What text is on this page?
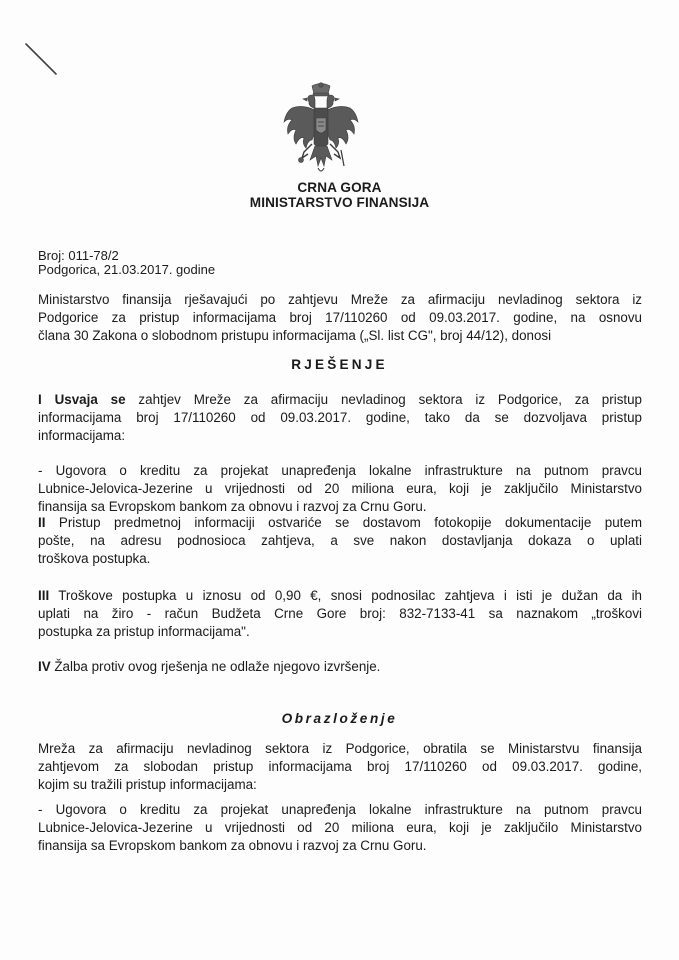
CRNA GORA
MINISTARSTVO FINANSIJA
Broj: 011-78/2
Podgorica, 21.03.2017. godine
Ministarstvo finansija rješavajući po zahtjevu Mreže za afirmaciju nevladinog sektora iz
Podgorice za pristup informacijama broj 17/110260 od 09.03.2017. godine, na osnovu
člana 30 Zakona o slobodnom pristupu informacijama („Sl. list CG", broj 44/12), donosi
RJEŠENJE
I Usvaja se zahtjev Mreže za afirmaciju nevladinog sektora iz Podgorice, za pristup
informacijama broj 17/110260 od 09.03.2017. godine, tako da se dozvoljava pristup
informacijama:
- Ugovora o kreditu za projekat unapređenja lokalne infrastrukture na putnom pravcu
Lubnice-Jelovica-Jezerine u vrijednosti od 20 miliona eura, koji je zaključilo Ministarstvo
finansija sa Evropskom bankom za obnovu i razvoj za Crnu Goru.
II Pristup predmetnoj informaciji ostvariće se dostavom fotokopije dokumentacije putem
pošte, na adresu podnosioca zahtjeva, a sve nakon dostavljanja dokaza o uplati
troškova postupka.
III Troškove postupka u iznosu od 0,90 €, snosi podnosilac zahtjeva i isti je dužan da ih
uplati na žiro - račun Budžeta Crne Gore broj: 832-7133-41 sa naznakom „troškovi
postupka za pristup informacijama".
IV Žalba protiv ovog rješenja ne odlaže njegovo izvršenje.
Obrazloženje
Mreža za afirmaciju nevladinog sektora iz Podgorice, obratila se Ministarstvu finansija
zahtjevom za slobodan pristup informacijama broj 17/110260 od 09.03.2017. godine,
kojim su tražili pristup informacijama:
- Ugovora o kreditu za projekat unapređenja lokalne infrastrukture na putnom pravcu
Lubnice-Jelovica-Jezerine u vrijednosti od 20 miliona eura, koji je zaključilo Ministarstvo
finansija sa Evropskom bankom za obnovu i razvoj za Crnu Goru.
